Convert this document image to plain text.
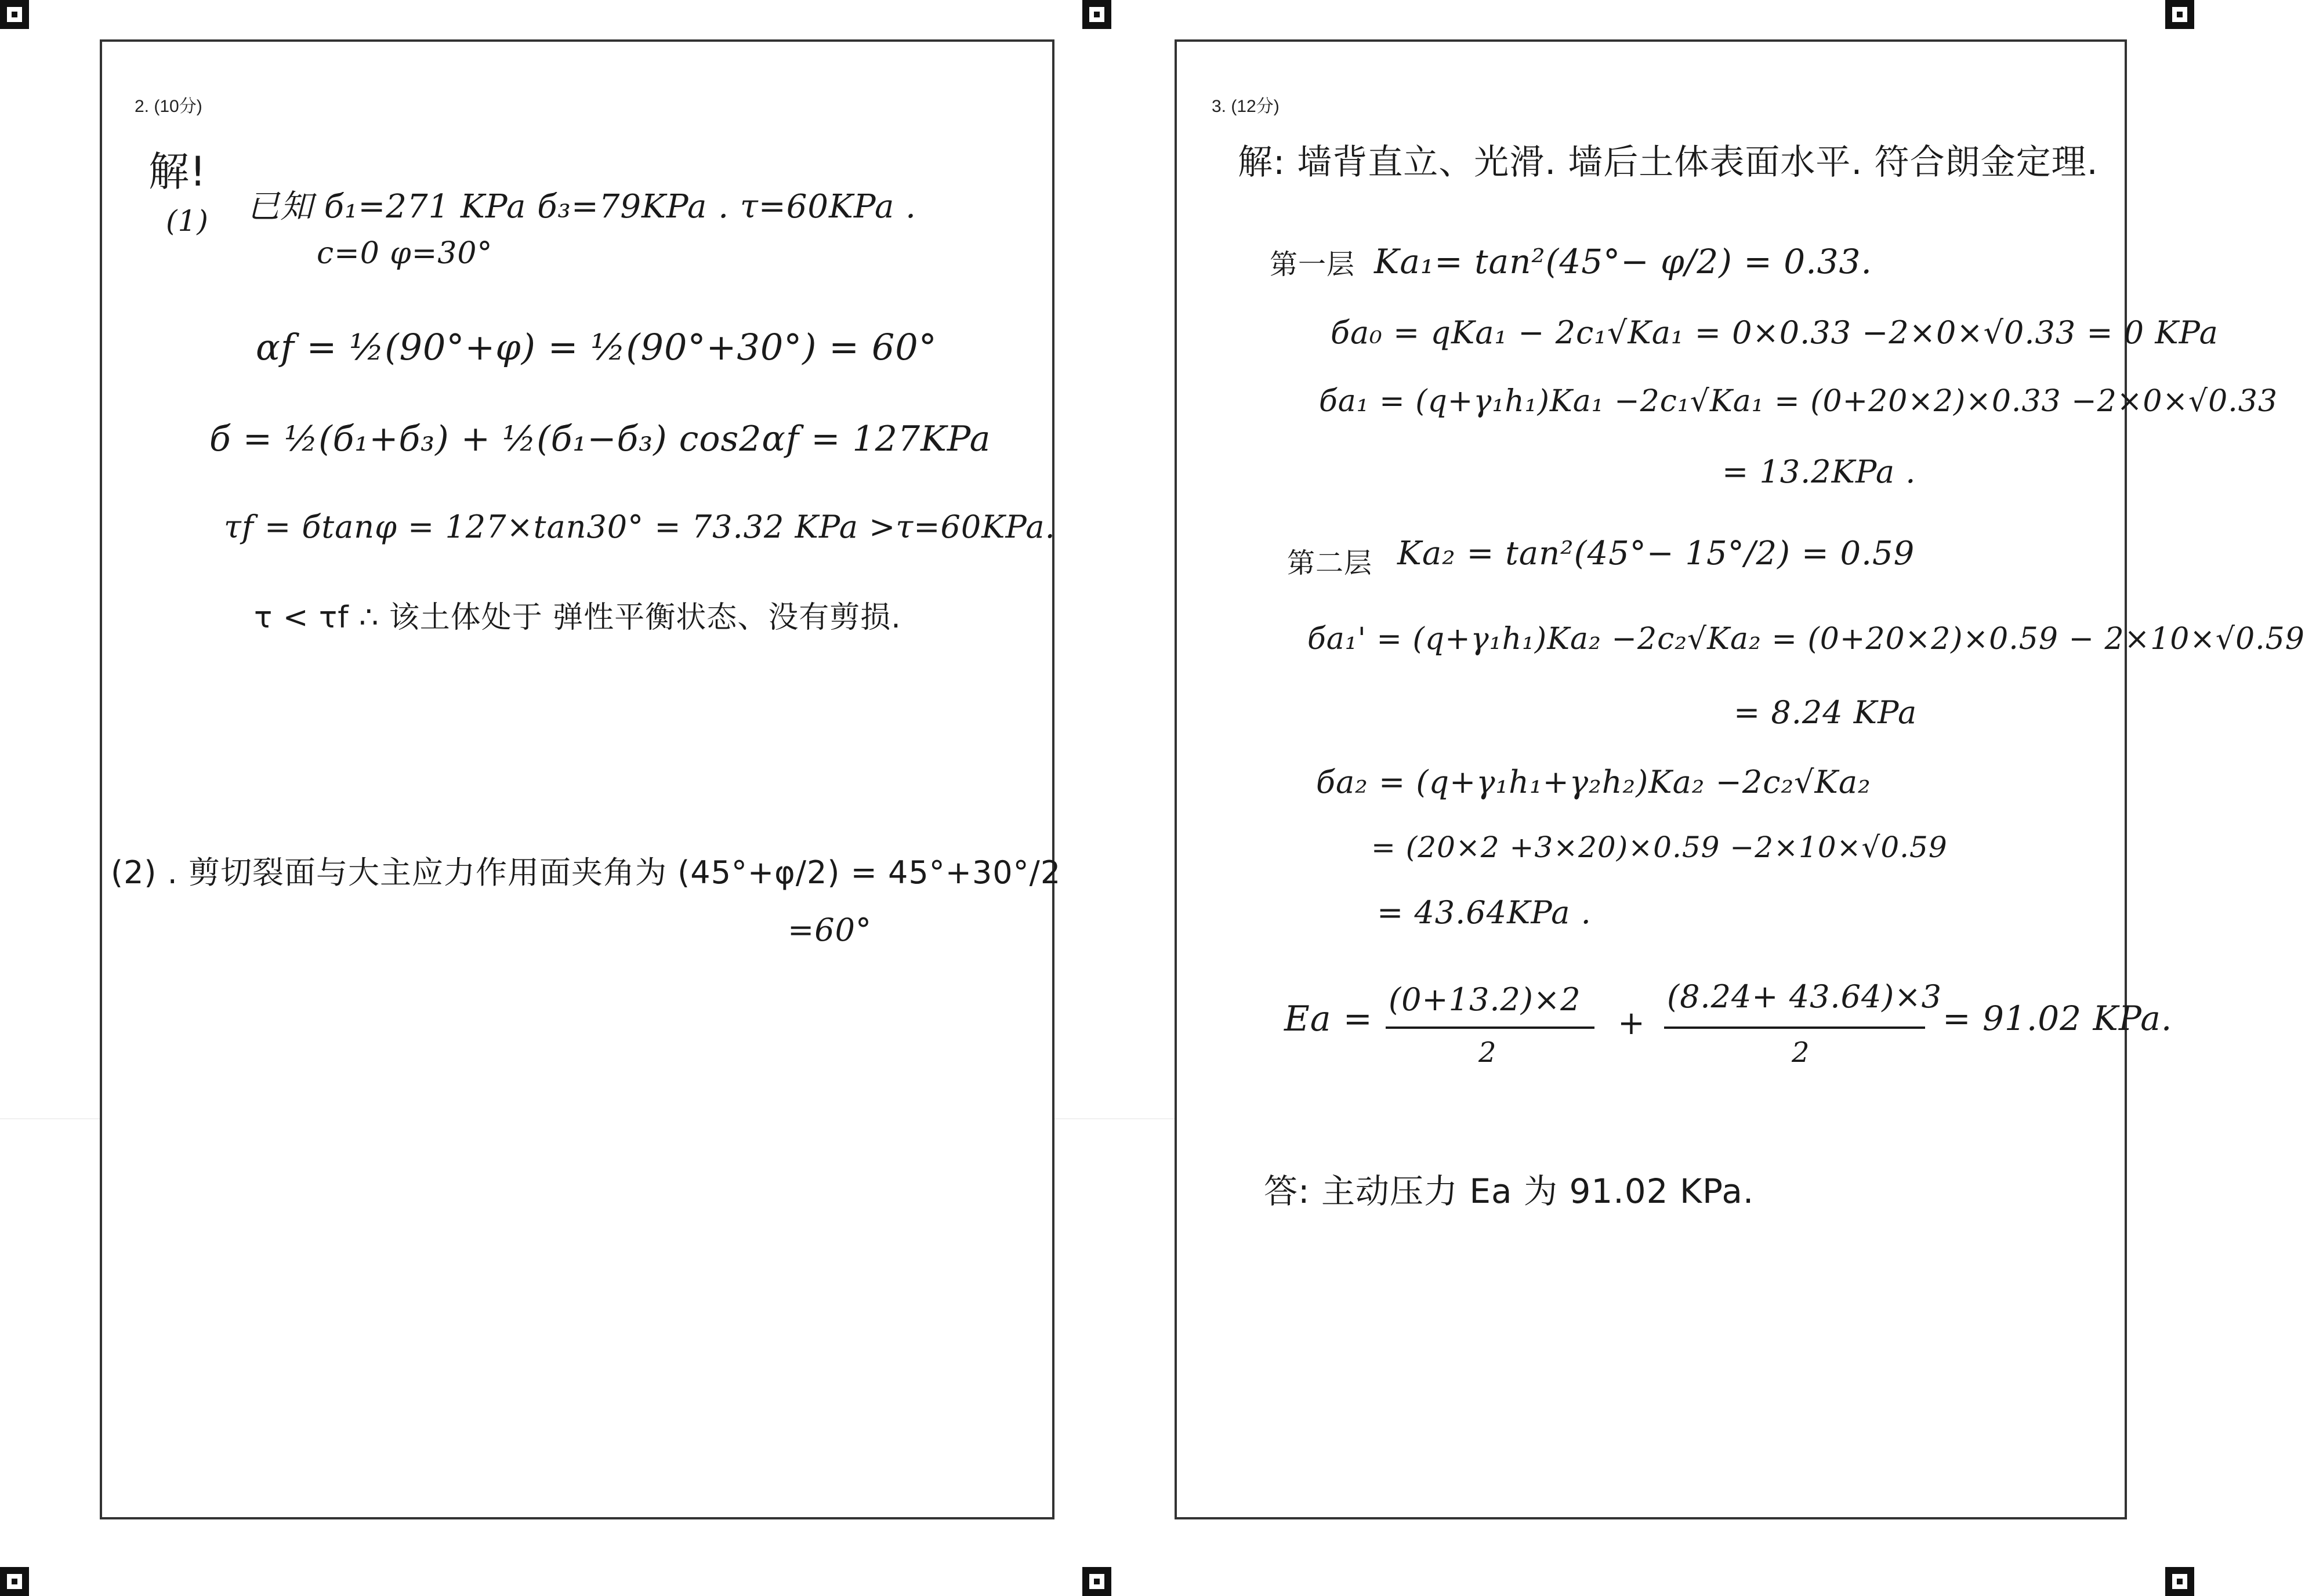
2. (10分)
解!
(1) 已知 б₁=271 KPa б₃=79KPa . τ=60KPa .
c=0 φ=30°
αf = ½(90°+φ) = ½(90°+30°) = 60°
б = ½(б₁+б₃) + ½(б₁−б₃) cos2αf = 127KPa
τf = бtanφ = 127×tan30° = 73.32 KPa >τ=60KPa.
τ < τf ∴ 该土体处于 弹性平衡状态、没有剪损.
(2) . 剪切裂面与大主应力作用面夹角为 (45°+φ/2) = 45°+30°/2
=60°
3. (12分)
解: 墙背直立、光滑. 墙后土体表面水平. 符合朗金定理.
第一层 Ka₁= tan²(45°− φ/2) = 0.33.
бa₀ = qKa₁ − 2c₁√Ka₁ = 0×0.33 −2×0×√0.33 = 0 KPa
бa₁ = (q+γ₁h₁)Ka₁ −2c₁√Ka₁ = (0+20×2)×0.33 −2×0×√0.33
= 13.2KPa .
第二层 Ka₂ = tan²(45°− 15°/2) = 0.59
бa₁' = (q+γ₁h₁)Ka₂ −2c₂√Ka₂ = (0+20×2)×0.59 − 2×10×√0.59
= 8.24 KPa
бa₂ = (q+γ₁h₁+γ₂h₂)Ka₂ −2c₂√Ka₂
= (20×2 +3×20)×0.59 −2×10×√0.59
= 43.64KPa .
Ea = (0+13.2)×2
2
+
(8.24+ 43.64)×3
2
= 91.02 KPa.
答: 主动压力 Ea 为 91.02 KPa.
